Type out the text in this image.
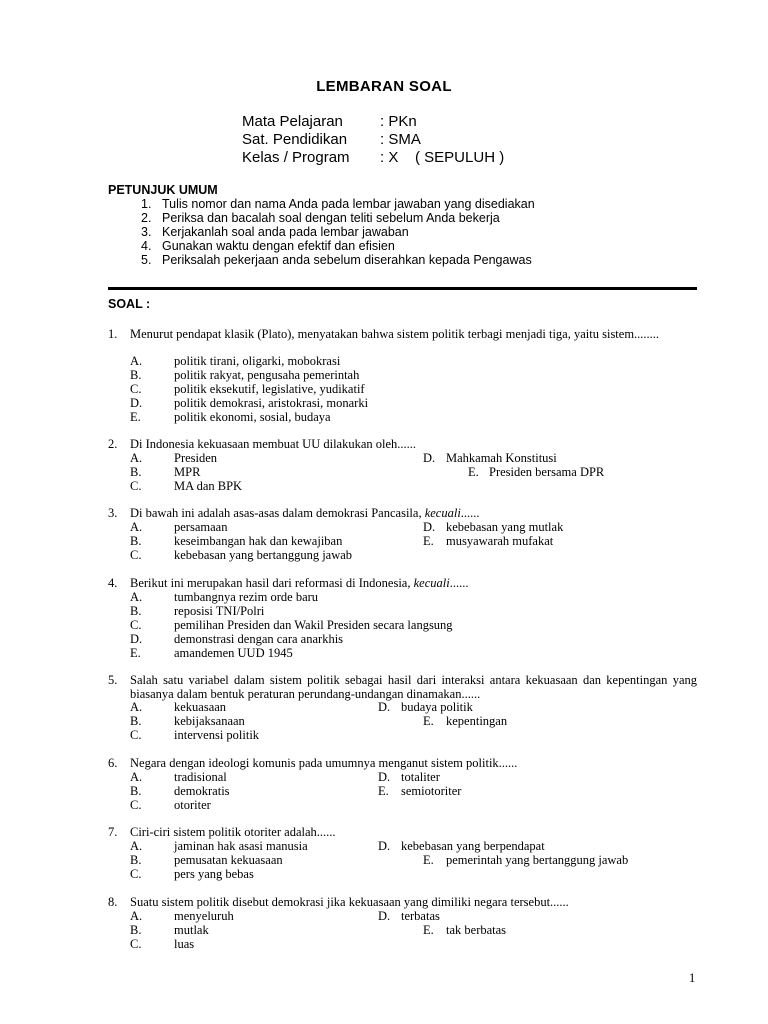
LEMBARAN SOAL
Mata Pelajaran : PKn
Sat. Pendidikan : SMA
Kelas / Program : X    ( SEPULUH )
PETUNJUK UMUM
1. Tulis nomor dan nama Anda pada lembar jawaban yang disediakan
2. Periksa dan bacalah soal dengan teliti sebelum Anda bekerja
3. Kerjakanlah soal anda pada lembar jawaban
4. Gunakan waktu dengan efektif dan efisien
5. Periksalah pekerjaan anda sebelum diserahkan kepada Pengawas
SOAL :
1. Menurut pendapat klasik (Plato), menyatakan bahwa sistem politik terbagi menjadi tiga, yaitu sistem........
A.	politik tirani, oligarki, mobokrasi
B.	politik rakyat, pengusaha pemerintah
C.	politik eksekutif, legislative, yudikatif
D.	politik demokrasi, aristokrasi, monarki
E.	politik ekonomi, sosial, budaya
2. Di Indonesia kekuasaan membuat UU dilakukan oleh......
A.	Presiden	D. Mahkamah Konstitusi
B.	MPR	E. Presiden bersama DPR
C.	MA dan BPK
3. Di bawah ini adalah asas-asas dalam demokrasi Pancasila, kecuali......
A.	persamaan	D. kebebasan yang mutlak
B.	keseimbangan hak dan kewajiban	E. musyawarah mufakat
C.	kebebasan yang bertanggung jawab
4. Berikut ini merupakan hasil dari reformasi di Indonesia, kecuali......
A.	tumbangnya rezim orde baru
B.	reposisi TNI/Polri
C.	pemilihan Presiden dan Wakil Presiden secara langsung
D.	demonstrasi dengan cara anarkhis
E.	amandemen UUD 1945
5. Salah satu variabel dalam sistem politik sebagai hasil dari interaksi antara kekuasaan dan kepentingan yang biasanya dalam bentuk peraturan perundang-undangan dinamakan......
A.	kekuasaan	D. budaya politik
B.	kebijaksanaan	E. kepentingan
C.	intervensi politik
6. Negara dengan ideologi komunis pada umumnya menganut sistem politik......
A.	tradisional	D. totaliter
B.	demokratis	E. semiotoriter
C.	otoriter
7. Ciri-ciri sistem politik otoriter adalah......
A.	jaminan hak asasi manusia	D. kebebasan yang berpendapat
B.	pemusatan kekuasaan	E. pemerintah yang bertanggung jawab
C.	pers yang bebas
8. Suatu sistem politik disebut demokrasi jika kekuasaan yang dimiliki negara tersebut......
A.	menyeluruh	D. terbatas
B.	mutlak	E. tak berbatas
C.	luas
1
